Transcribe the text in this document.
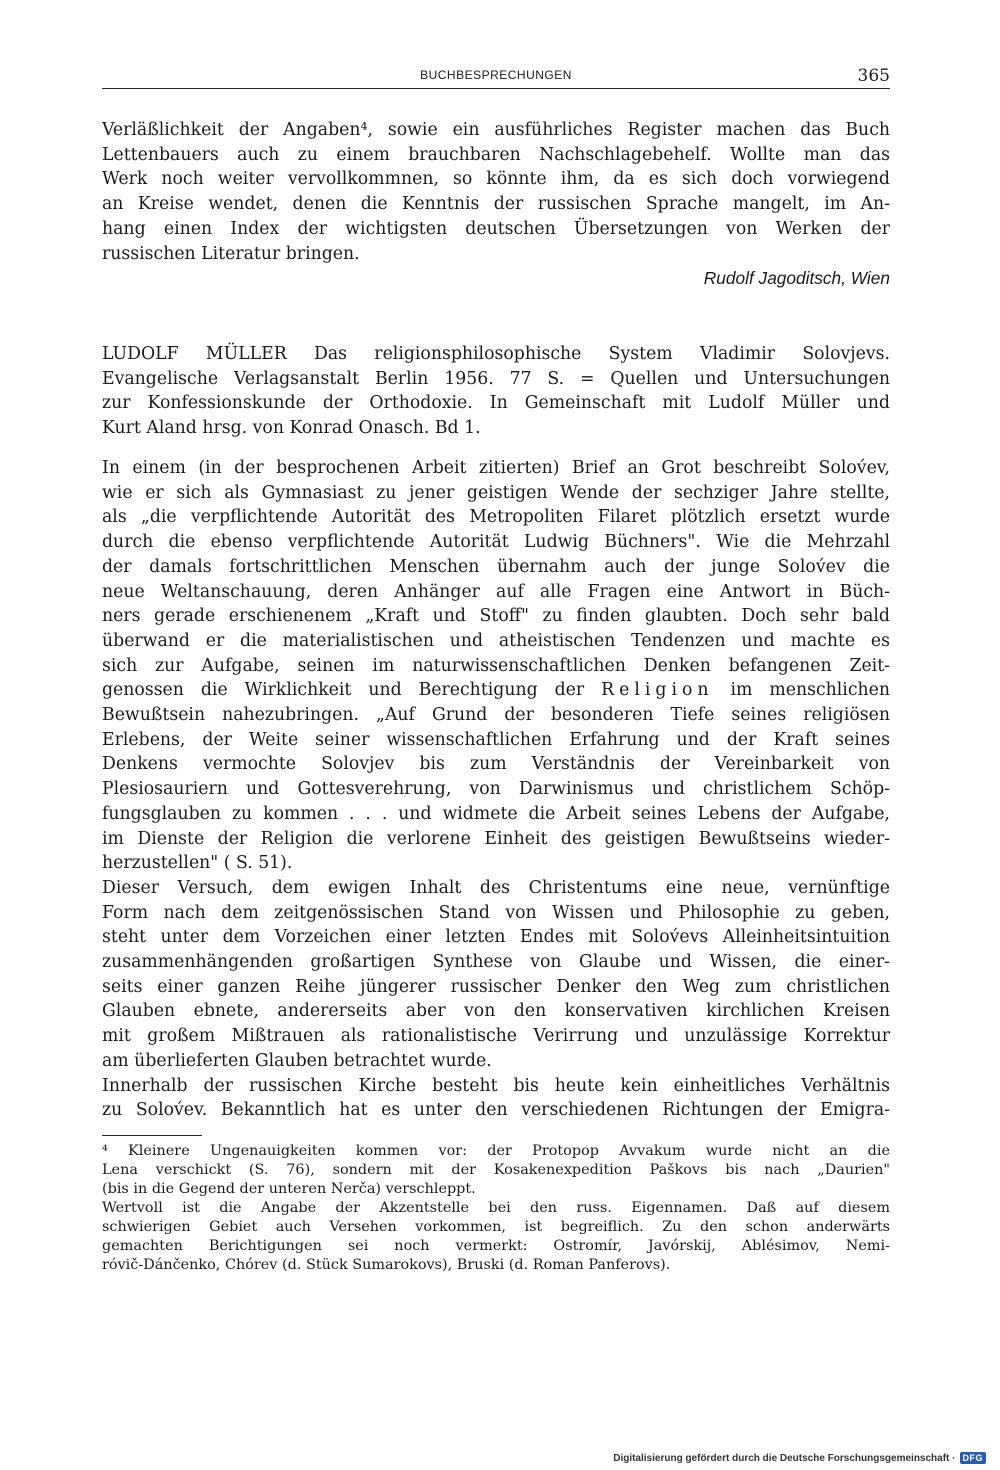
BUCHBESPRECHUNGEN	365
Verläßlichkeit der Angaben⁴, sowie ein ausführliches Register machen das Buch
Lettenbauers auch zu einem brauchbaren Nachschlagebehelf. Wollte man das
Werk noch weiter vervollkommnen, so könnte ihm, da es sich doch vorwiegend
an Kreise wendet, denen die Kenntnis der russischen Sprache mangelt, im An-
hang einen Index der wichtigsten deutschen Übersetzungen von Werken der
russischen Literatur bringen.
Rudolf Jagoditsch, Wien
LUDOLF MÜLLER Das religionsphilosophische System Vladimir Solovjevs.
Evangelische Verlagsanstalt Berlin 1956. 77 S. = Quellen und Untersuchungen
zur Konfessionskunde der Orthodoxie. In Gemeinschaft mit Ludolf Müller und
Kurt Aland hrsg. von Konrad Onasch. Bd 1.
In einem (in der besprochenen Arbeit zitierten) Brief an Grot beschreibt Solov́ev,
wie er sich als Gymnasiast zu jener geistigen Wende der sechziger Jahre stellte,
als „die verpflichtende Autorität des Metropoliten Filaret plötzlich ersetzt wurde
durch die ebenso verpflichtende Autorität Ludwig Büchners". Wie die Mehrzahl
der damals fortschrittlichen Menschen übernahm auch der junge Solov́ev die
neue Weltanschauung, deren Anhänger auf alle Fragen eine Antwort in Büch-
ners gerade erschienenem „Kraft und Stoff" zu finden glaubten. Doch sehr bald
überwand er die materialistischen und atheistischen Tendenzen und machte es
sich zur Aufgabe, seinen im naturwissenschaftlichen Denken befangenen Zeit-
genossen die Wirklichkeit und Berechtigung der Religion im menschlichen
Bewußtsein nahezubringen. „Auf Grund der besonderen Tiefe seines religiösen
Erlebens, der Weite seiner wissenschaftlichen Erfahrung und der Kraft seines
Denkens vermochte Solovjev bis zum Verständnis der Vereinbarkeit von
Plesiosauriern und Gottesverehrung, von Darwinismus und christlichem Schöp-
fungsglauben zu kommen . . . und widmete die Arbeit seines Lebens der Aufgabe,
im Dienste der Religion die verlorene Einheit des geistigen Bewußtseins wieder-
herzustellen" ( S. 51).
Dieser Versuch, dem ewigen Inhalt des Christentums eine neue, vernünftige
Form nach dem zeitgenössischen Stand von Wissen und Philosophie zu geben,
steht unter dem Vorzeichen einer letzten Endes mit Solov́evs Alleinheitsintuition
zusammenhängenden großartigen Synthese von Glaube und Wissen, die einer-
seits einer ganzen Reihe jüngerer russischer Denker den Weg zum christlichen
Glauben ebnete, andererseits aber von den konservativen kirchlichen Kreisen
mit großem Mißtrauen als rationalistische Verirrung und unzulässige Korrektur
am überlieferten Glauben betrachtet wurde.
Innerhalb der russischen Kirche besteht bis heute kein einheitliches Verhältnis
zu Solov́ev. Bekanntlich hat es unter den verschiedenen Richtungen der Emigra-
⁴ Kleinere Ungenauigkeiten kommen vor: der Protopop Avvakum wurde nicht an die
Lena verschickt (S. 76), sondern mit der Kosakenexpedition Paškovs bis nach „Daurien"
(bis in die Gegend der unteren Nerča) verschleppt.
Wertvoll ist die Angabe der Akzentstelle bei den russ. Eigennamen. Daß auf diesem
schwierigen Gebiet auch Versehen vorkommen, ist begreiflich. Zu den schon anderwärts
gemachten Berichtigungen sei noch vermerkt: Ostromír, Javórskij, Ablésimov, Nemi-
róvič-Dánčenko, Chórev (d. Stück Sumarokovs), Bruski (d. Roman Panferovs).
Digitalisierung gefördert durch die Deutsche Forschungsgemeinschaft · DFG
